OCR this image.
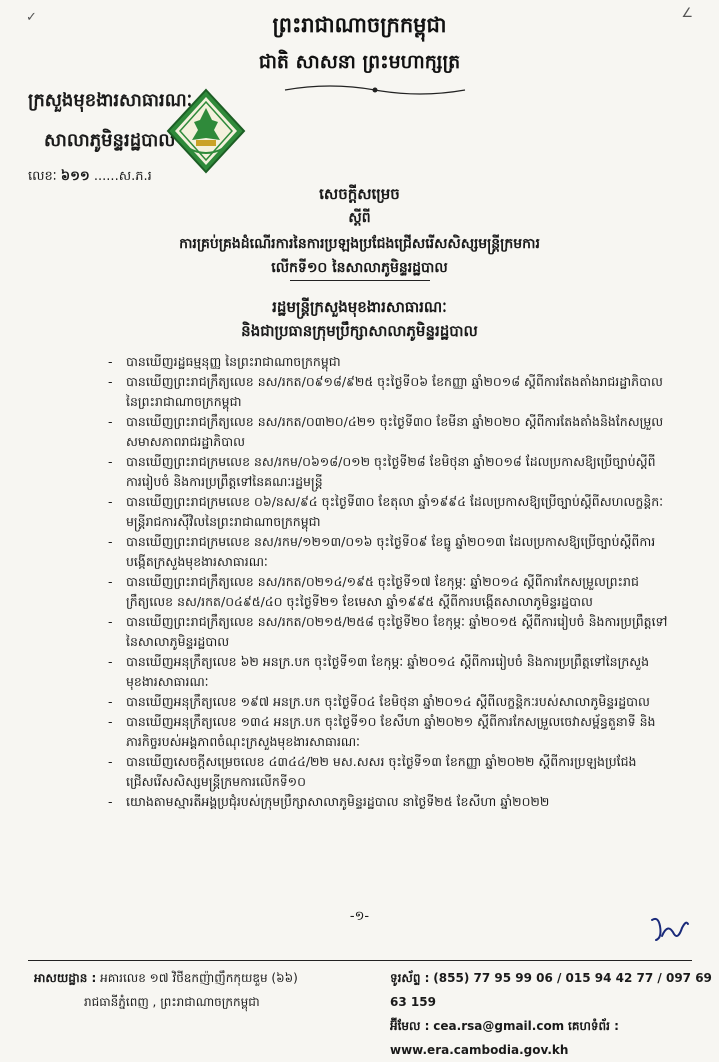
✓	∠
ព្រះរាជាណាចក្រកម្ពុជា
ជាតិ សាសនា ព្រះមហាក្សត្រ
ក្រសួងមុខងារសាធារណៈ
សាលាភូមិន្ទរដ្ឋបាល
លេខៈ ៦១១ ......ស.ភ.រ
សេចក្តីសម្រេច
ស្តីពី
ការគ្រប់គ្រងដំណើរការនៃការប្រឡងប្រជែងជ្រើសរើសសិស្សមន្ត្រីក្រមការ
លើកទី១០ នៃសាលាភូមិន្ទរដ្ឋបាល
រដ្ឋមន្ត្រីក្រសួងមុខងារសាធារណៈ
និងជាប្រធានក្រុមប្រឹក្សាសាលាភូមិន្ទរដ្ឋបាល
- បានឃើញរដ្ឋធម្មនុញ្ញ នៃព្រះរាជាណាចក្រកម្ពុជា
- បានឃើញព្រះរាជក្រឹត្យលេខ នស/រកត/០៩១៨/៩២៥ ចុះថ្ងៃទី០៦ ខែកញ្ញា ឆ្នាំ២០១៨ ស្តីពីការតែងតាំងរាជរដ្ឋាភិបាលនៃព្រះរាជាណាចក្រកម្ពុជា
- បានឃើញព្រះរាជក្រឹត្យលេខ នស/រកត/០៣២០/៤២១ ចុះថ្ងៃទី៣០ ខែមីនា ឆ្នាំ២០២០ ស្តីពីការតែងតាំងនិងកែសម្រួលសមាសភាពរាជរដ្ឋាភិបាល
- បានឃើញព្រះរាជក្រមលេខ នស/រកម/០៦១៨/០១២ ចុះថ្ងៃទី២៨ ខែមិថុនា ឆ្នាំ២០១៨ ដែលប្រកាសឱ្យប្រើច្បាប់ស្តីពីការរៀបចំ និងការប្រព្រឹត្តទៅនៃគណៈរដ្ឋមន្ត្រី
- បានឃើញព្រះរាជក្រមលេខ ០៦/នស/៩៤ ចុះថ្ងៃទី៣០ ខែតុលា ឆ្នាំ១៩៩៤ ដែលប្រកាសឱ្យប្រើច្បាប់ស្តីពីសហលក្ខន្តិកៈមន្ត្រីរាជការស៊ីវិលនៃព្រះរាជាណាចក្រកម្ពុជា
- បានឃើញព្រះរាជក្រមលេខ នស/រកម/១២១៣/០១៦ ចុះថ្ងៃទី០៩ ខែធ្នូ ឆ្នាំ២០១៣ ដែលប្រកាសឱ្យប្រើច្បាប់ស្តីពីការបង្កើតក្រសួងមុខងារសាធារណៈ
- បានឃើញព្រះរាជក្រឹត្យលេខ នស/រកត/០២១៤/១៩៥ ចុះថ្ងៃទី១៧ ខែកុម្ភៈ ឆ្នាំ២០១៤ ស្តីពីការកែសម្រួលព្រះរាជក្រឹត្យលេខ នស/រកត/០៤៩៥/៤០ ចុះថ្ងៃទី២១ ខែមេសា ឆ្នាំ១៩៩៥ ស្តីពីការបង្កើតសាលាភូមិន្ទរដ្ឋបាល
- បានឃើញព្រះរាជក្រឹត្យលេខ នស/រកត/០២១៥/២៥៨ ចុះថ្ងៃទី២០ ខែកុម្ភៈ ឆ្នាំ២០១៥ ស្តីពីការរៀបចំ និងការប្រព្រឹត្តទៅនៃសាលាភូមិន្ទរដ្ឋបាល
- បានឃើញអនុក្រឹត្យលេខ ៦២ អនក្រ.បក ចុះថ្ងៃទី១៣ ខែកុម្ភៈ ឆ្នាំ២០១៤ ស្តីពីការរៀបចំ និងការប្រព្រឹត្តទៅនៃក្រសួងមុខងារសាធារណៈ
- បានឃើញអនុក្រឹត្យលេខ ១៩៧ អនក្រ.បក ចុះថ្ងៃទី០៤ ខែមិថុនា ឆ្នាំ២០១៤ ស្តីពីលក្ខន្តិកៈរបស់សាលាភូមិន្ទរដ្ឋបាល
- បានឃើញអនុក្រឹត្យលេខ ១៣៤ អនក្រ.បក ចុះថ្ងៃទី១០ ខែសីហា ឆ្នាំ២០២១ ស្តីពីការកែសម្រួលចេវាសម្ព័ន្ធតួនាទី និងភារកិច្ចរបស់អង្គភាពចំណុះក្រសួងមុខងារសាធារណៈ
- បានឃើញសេចក្តីសម្រេចលេខ ៤៣៤៤/២២ មស.សសរ ចុះថ្ងៃទី១៣ ខែកញ្ញា ឆ្នាំ២០២២ ស្តីពីការប្រឡងប្រជែងជ្រើសរើសសិស្សមន្ត្រីក្រមការលើកទី១០
- យោងតាមស្មារតីអង្គប្រជុំរបស់ក្រុមប្រឹក្សាសាលាភូមិន្ទរដ្ឋបាល នាថ្ងៃទី២៥ ខែសីហា ឆ្នាំ២០២២
-១-
អាសយដ្ឋាន : អគារលេខ ១៧ វិថីឧកញ៉ាញឹកកុយឌួម (៦៦)
រាជធានីភ្នំពេញ , ព្រះរាជាណាចក្រកម្ពុជា
ទូរស័ព្ទ : (855) 77 95 99 06 / 015 94 42 77 / 097 69 63 159
អ៊ីមែល : cea.rsa@gmail.com គេហទំព័រ : www.era.cambodia.gov.kh
